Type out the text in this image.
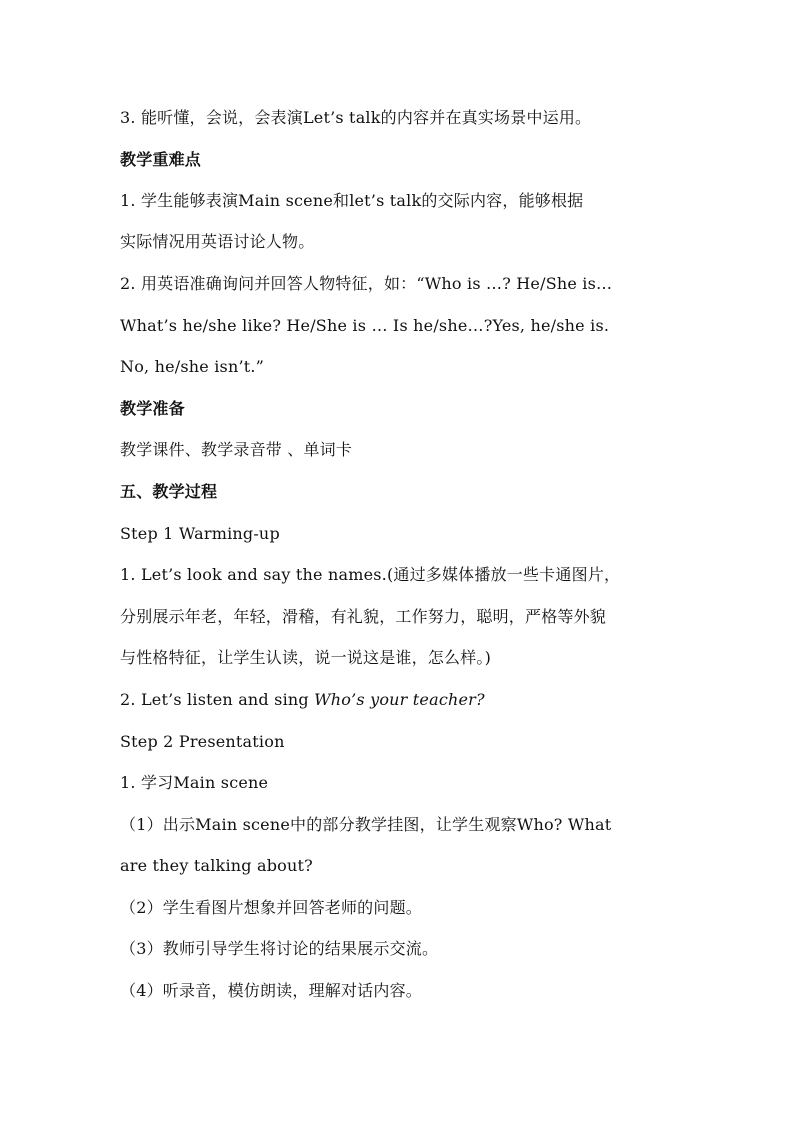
3. 能听懂，会说，会表演Let’s talk的内容并在真实场景中运用。
教学重难点
1. 学生能够表演Main scene和let’s talk的交际内容，能够根据
实际情况用英语讨论人物。
2. 用英语准确询问并回答人物特征，如：“Who is …? He/She is…
What’s he/she like? He/She is … Is he/she…?Yes, he/she is.
No, he/she isn’t.”
教学准备
教学课件、教学录音带 、单词卡
五、教学过程
Step 1 Warming-up
1. Let’s look and say the names.(通过多媒体播放一些卡通图片，
分别展示年老，年轻，滑稽，有礼貌，工作努力，聪明，严格等外貌
与性格特征，让学生认读，说一说这是谁，怎么样。)
2. Let’s listen and sing Who’s your teacher?
Step 2 Presentation
1. 学习Main scene
（1）出示Main scene中的部分教学挂图，让学生观察Who? What
are they talking about?
（2）学生看图片想象并回答老师的问题。
（3）教师引导学生将讨论的结果展示交流。
（4）听录音，模仿朗读，理解对话内容。
